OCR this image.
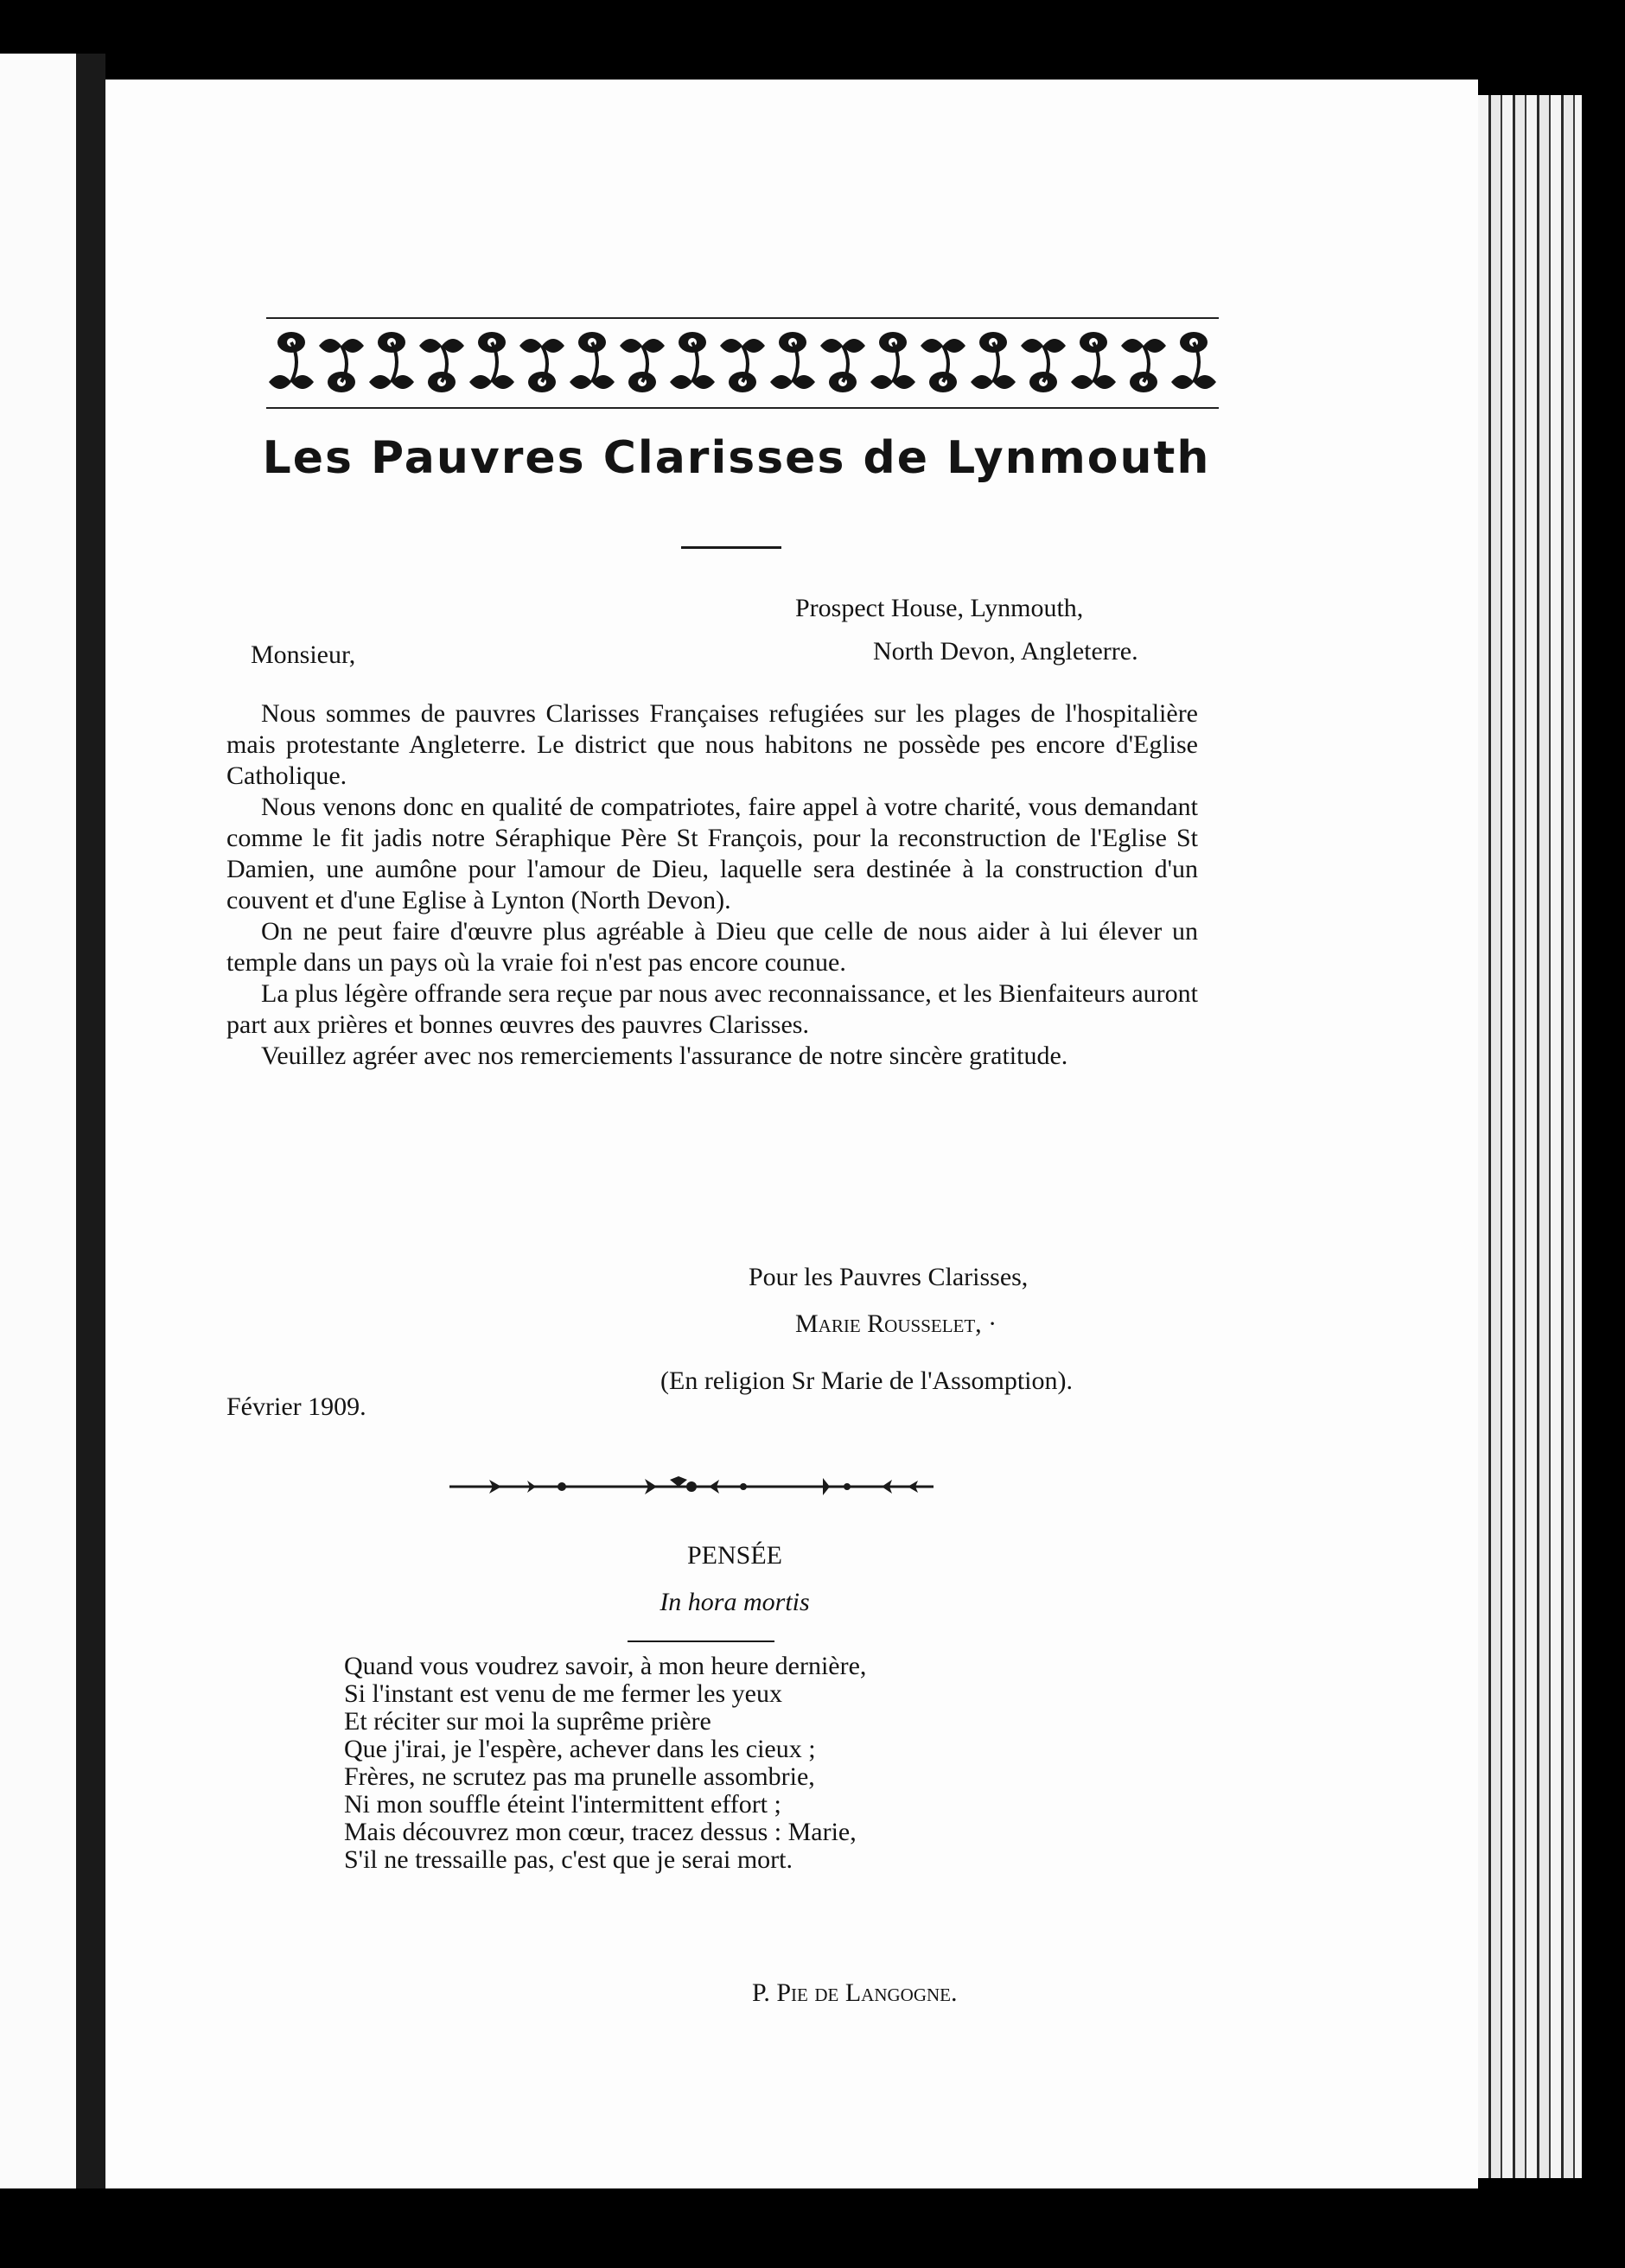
Les Pauvres Clarisses de Lynmouth
Prospect House, Lynmouth,
North Devon, Angleterre.
Monsieur,

Nous sommes de pauvres Clarisses Françaises refugiées sur les plages de l'hospitalière mais protestante Angleterre. Le district que nous habitons ne possède pes encore d'Eglise Catholique.

Nous venons donc en qualité de compatriotes, faire appel à votre charité, vous demandant comme le fit jadis notre Séraphique Père St François, pour la reconstruction de l'Eglise St Damien, une aumône pour l'amour de Dieu, laquelle sera destinée à la construction d'un couvent et d'une Eglise à Lynton (North Devon).

On ne peut faire d'œuvre plus agréable à Dieu que celle de nous aider à lui élever un temple dans un pays où la vraie foi n'est pas encore counue.

La plus légère offrande sera reçue par nous avec reconnaissance, et les Bienfaiteurs auront part aux prières et bonnes œuvres des pauvres Clarisses.

Veuillez agréer avec nos remerciements l'assurance de notre sincère gratitude.

Pour les Pauvres Clarisses,
Marie Rousselet, ·
(En religion Sr Marie de l'Assomption).
Février 1909.
PENSÉE
In hora mortis
Quand vous voudrez savoir, à mon heure dernière,
Si l'instant est venu de me fermer les yeux
Et réciter sur moi la suprême prière
Que j'irai, je l'espère, achever dans les cieux ;
Frères, ne scrutez pas ma prunelle assombrie,
Ni mon souffle éteint l'intermittent effort ;
Mais découvrez mon cœur, tracez dessus : Marie,
S'il ne tressaille pas, c'est que je serai mort.
P. Pie de Langogne.
